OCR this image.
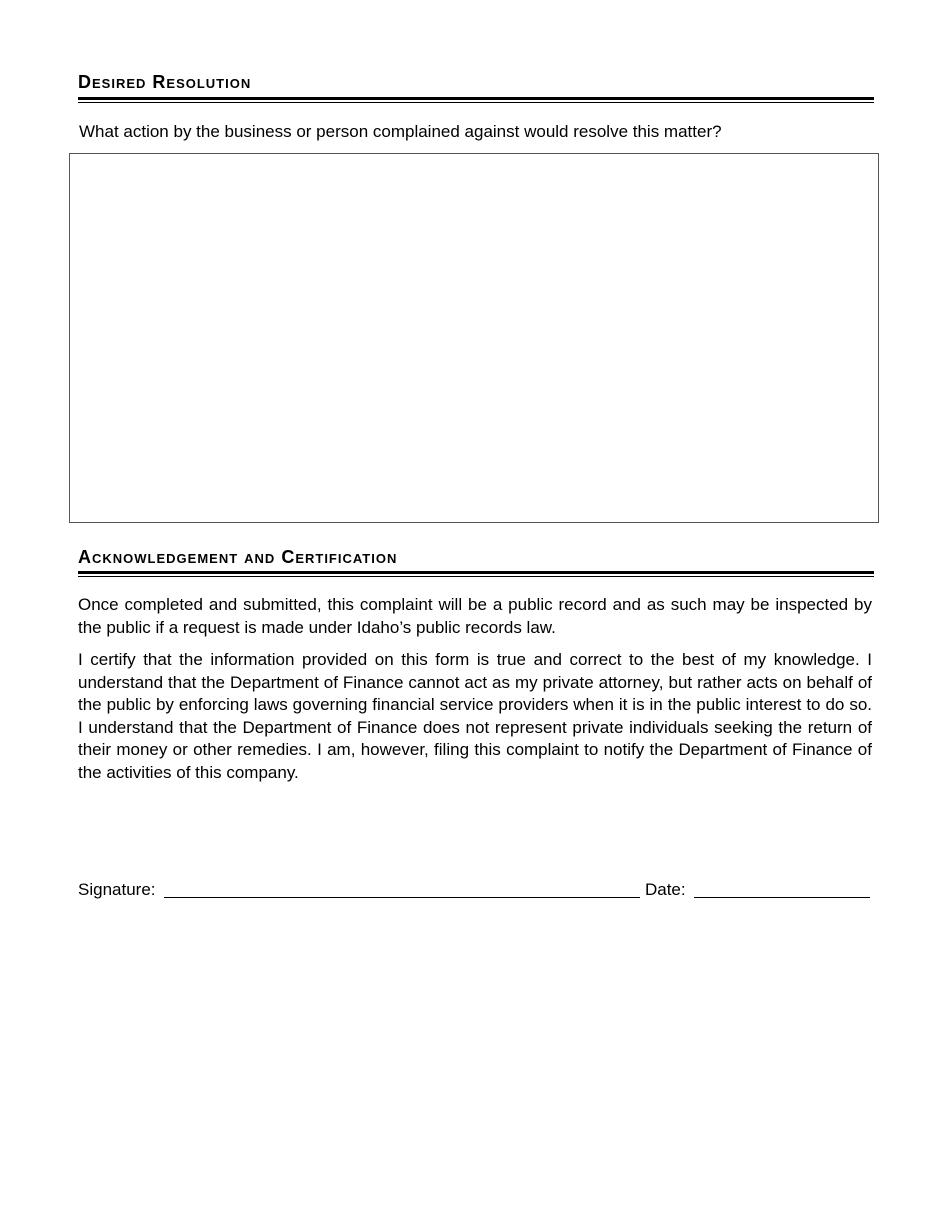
Desired Resolution
What action by the business or person complained against would resolve this matter?
Acknowledgement and Certification

Once completed and submitted, this complaint will be a public record and as such may be inspected by the public if a request is made under Idaho’s public records law.

I certify that the information provided on this form is true and correct to the best of my knowledge. I understand that the Department of Finance cannot act as my private attorney, but rather acts on behalf of the public by enforcing laws governing financial service providers when it is in the public interest to do so. I understand that the Department of Finance does not represent private individuals seeking the return of their money or other remedies. I am, however, filing this complaint to notify the Department of Finance of the activities of this company.

Signature:	Date:
